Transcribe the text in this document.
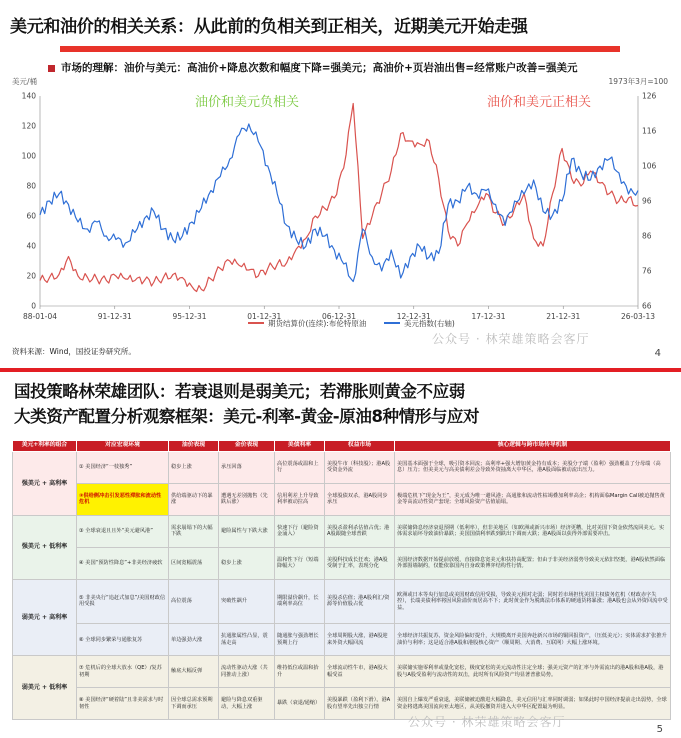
美元和油价的相关关系：从此前的负相关到正相关，近期美元开始走强
市场的理解：油价与美元：高油价+降息次数和幅度下降=强美元；高油价+页岩油出售=经常账户改善=强美元
美元/桶	1973年3月=100
0
20
40
60
80
100
120
140
66
76
86
96
106
116
126
88-01-04	91-12-31	95-12-31	01-12-31	06-12-31	12-12-31	17-12-31	21-12-31	26-03-13
油价和美元负相关	油价和美元正相关
期货结算价(连续):布伦特原油	美元指数(右轴)
公众号 · 林荣雄策略会客厅
资料来源：Wind，国投证券研究所。	4
国投策略林荣雄团队：若衰退则是弱美元；若滞胀则黄金不应弱
大类资产配置分析观察框架：美元-利率-黄金-原油8种情形与应对
美元+利率的组合	对应宏观环境	油价表现	金价表现	美债利率	权益市场	核心逻辑与跨市场传导机制
强美元 + 高利率	① 美国经济“一枝独秀”	稳步上涨	承压回落	高位震荡或温和上行	美股牛市（科技股）；港A股受资金外流	美国基本面强于全球，吸引资本回流；高利率+强大增加黄金持有成本；美股分子端（盈利）强劲覆盖了分母端（高息）压力；但美美元与高美债利差会导致外资抽离大中华区，港A股面临被动流出压力。
	②供给侧冲击引发恶性滞胀和流动性危机	供给端驱动下的暴涨	遭遇无差别抛售（先跌后涨）	信用利差上升导致利率被动拉高	全球股债双杀，港A股同步承压	极端危机下“现金为王”，美元成为唯一避风港；高通胀和流动性枯竭叠加利率高企；机构面临Margin Call被迫抛售黄金等高流动性资产套现；全球风险资产估值崩塌。
强美元 + 低利率	③ 全球衰退且且外“美元避风港”	需求崩塌下的大幅下跌	避险属性与下跌大涨	快速下行（避险资金涌入）	美股杀盈利杀估值占优；港A股跟随全球普跌	美联储降息经济衰退预期（低利率），但非美地区（如欧洲或新兴市场）经济更糟，比对美国下资金依然流回美元。实体需求崩坏导致油价暴跌；美国国债利率跌到跌出下调而大跌；港A股面以获得外部需要冲击。
	④ 美国“预防性降息”+非美经济疲软	区间宽幅震荡	稳步上涨	温和性下行（短端降幅大）	美股科技成长狂欢；港A股受制于汇率，表现分化	美国经济数据开始提前放缓，直接降息宽美元和扶持高配置；但由于非美经济弱势导致美元依旧坚挺，港A股依然面临外部围墙制约，仅能依靠国内自身政策博弈结构性行情。
弱美元 + 高利率	⑤ 非美央行“追赶式加息”/美国财政信用受损	高位震荡	突破性飙升	期限溢价飙升，长端利率高位	美股杀估值；港A股利汇/资源等价值股占优	欧洲或日本等央行加息或美国财政信用受损，导致美元相对走弱；同时若市场担忧美国主权债务危机（财政赤字失控），长端美债利率将因风险溢价而居高不下；此时黄金作为脱离法币体系的硬通货将暴涨；港A股也会从外资回流中受益。
	⑥ 全球同步繁荣与通胀复苏	单边强劲大涨	抗通胀属性凸显，震荡走高	随通胀与强劲增长预期上行	全球周期股大涨，港A股迎来外资大幅回流	全球经济共振复苏，资金风险偏好提升，大规模离开美国奔赴新兴市场的铜回报资产，（压低美元）；实体需求扩张推升油价与利率；这是适合港A股和港股核心资产（顺周期、大消费、互联网）大幅上涨环境。
弱美元 + 低利率	⑦ 危机后的全球大放水（QE）/复苏初期	触底大幅反弹	流动性驱动大涨（共同推动上涨）	维持低位或温和抬升	全球流动性牛市，港A股大幅受益	美联储实施零利率或量化宽松，极度宽松的美元流动性注定全球；强美元资产的汇率与外需流出的港A股和港A股，港股与A股受盈利与流动性的双击，此时所有风险资产均显著普涨局势。
	⑧ 美国经济“硬着陆”且非美需求与时韧性	因全球总需求预期下调而承压	避险与降息双重驱动，大幅上涨	暴跌（衰退/通缩）	美股暴跌（盈利下滑），港A股有望率先出独立行情	美国自上爆发严重衰退，美联储被迫激进大幅降息，美元信用与汇率同时调弱；如果此时中国经济提前走出弱势，全球资金将逃离美国流向亚太地区，从美股撤资并进入大中华区配置最为明显。
公众号 · 林荣雄策略会客厅
5
